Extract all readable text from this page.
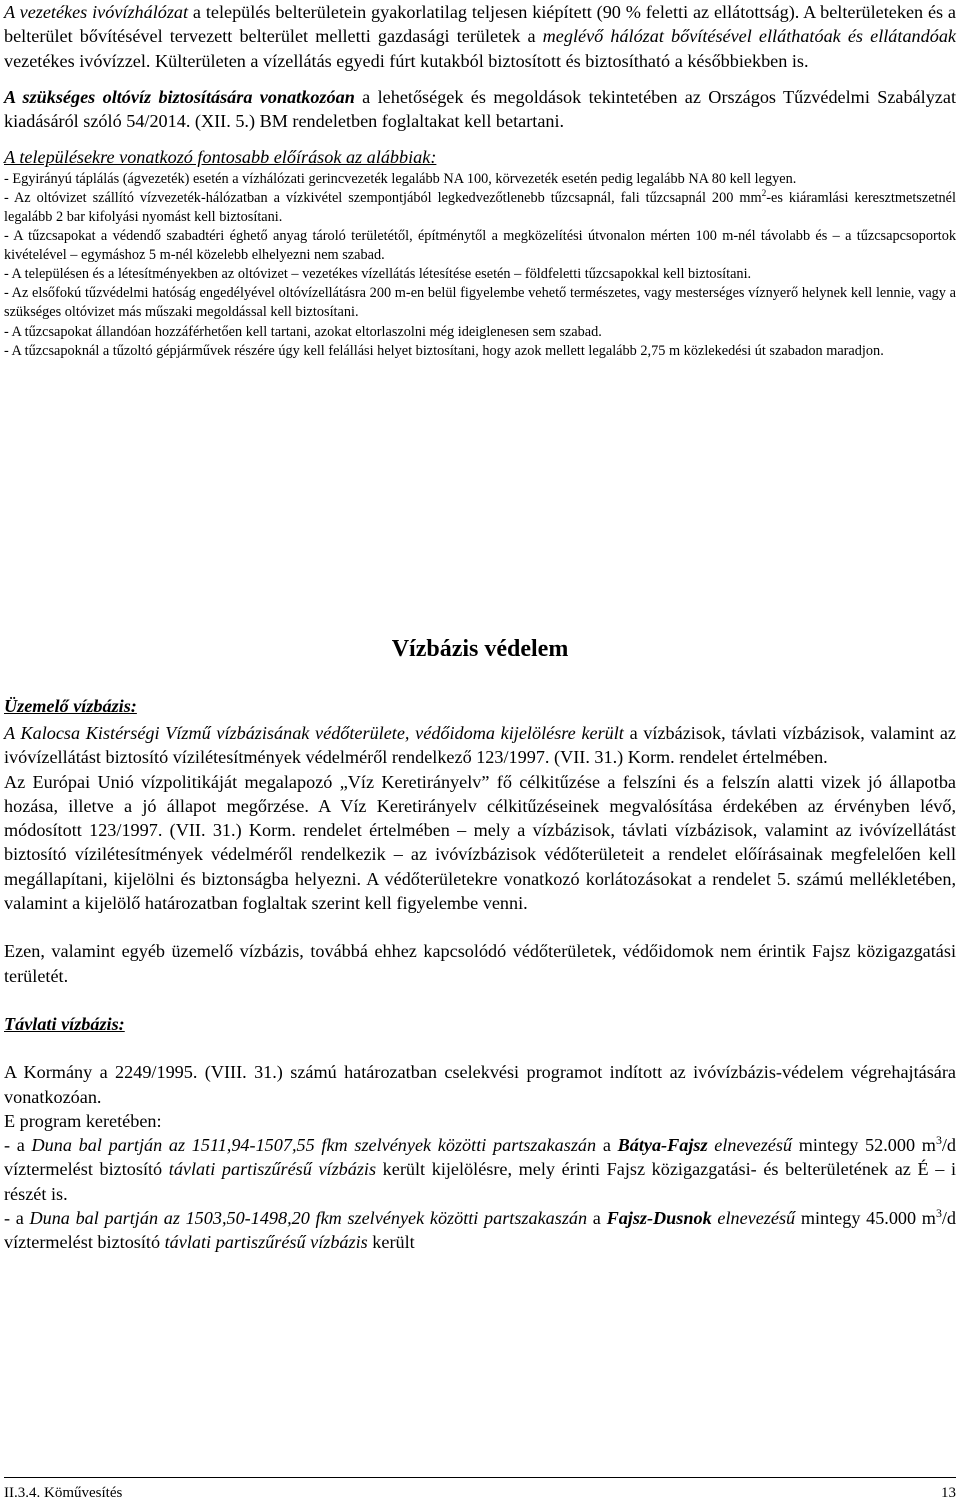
A vezetékes ivóvízhálózat a település belterületein gyakorlatilag teljesen kiépített (90 % feletti az ellátottság). A belterületeken és a belterület bővítésével tervezett belterület melletti gazdasági területek a meglévő hálózat bővítésével elláthatóak és ellátandóak vezetékes ivóvízzel. Külterületen a vízellátás egyedi fúrt kutakból biztosított és biztosítható a későbbiekben is.

A szükséges oltóvíz biztosítására vonatkozóan a lehetőségek és megoldások tekintetében az Országos Tűzvédelmi Szabályzat kiadásáról szóló 54/2014. (XII. 5.) BM rendeletben foglaltakat kell betartani.

A településekre vonatkozó fontosabb előírások az alábbiak:

- Egyirányú táplálás (ágvezeték) esetén a vízhálózati gerincvezeték legalább NA 100, körvezeték esetén pedig legalább NA 80 kell legyen.

- Az oltóvizet szállító vízvezeték-hálózatban a vízkivétel szempontjából legkedvezőtlenebb tűzcsapnál, fali tűzcsapnál 200 $mm^2-es$ kiáramlási keresztmetszetnél legalább 2 bar kifolyási nyomást kell biztosítani.

- A tűzcsapokat a védendő szabadtéri éghető anyag tároló területétől, építménytől a megközelítési útvonalon mérten 100 m-nél távolabb és – a tűzcsapcsoportok kivételével – egymáshoz 5 m-nél közelebb elhelyezni nem szabad.

- A településen és a létesítményekben az oltóvizet – vezetékes vízellátás létesítése esetén – földfeletti tűzcsapokkal kell biztosítani.

- Az elsőfokú tűzvédelmi hatóság engedélyével oltóvízellátásra 200 m-en belül figyelembe vehető természetes, vagy mesterséges víznyerő helynek kell lennie, vagy a szükséges oltóvizet más műszaki megoldással kell biztosítani.

- A tűzcsapokat állandóan hozzáférhetően kell tartani, azokat eltorlaszolni még ideiglenesen sem szabad.

- A tűzcsapoknál a tűzoltó gépjárművek részére úgy kell felállási helyet biztosítani, hogy azok mellett legalább 2,75 m közlekedési út szabadon maradjon.

Vízbázis védelem
Üzemelő vízbázis:

A Kalocsa Kistérségi Vízmű vízbázisának védőterülete, védőidoma kijelölésre került a vízbázisok, távlati vízbázisok, valamint az ivóvízellátást biztosító vízilétesítmények védelméről rendelkező 123/1997. (VII. 31.) Korm. rendelet értelmében.

Az Európai Unió vízpolitikáját megalapozó „Víz Keretirányelv” fő célkitűzése a felszíni és a felszín alatti vizek jó állapotba hozása, illetve a jó állapot megőrzése. A Víz Keretirányelv célkitűzéseinek megvalósítása érdekében az érvényben lévő, módosított 123/1997. (VII. 31.) Korm. rendelet értelmében – mely a vízbázisok, távlati vízbázisok, valamint az ivóvízellátást biztosító vízilétesítmények védelméről rendelkezik – az ivóvízbázisok védőterületeit a rendelet előírásainak megfelelően kell megállapítani, kijelölni és biztonságba helyezni. A védőterületekre vonatkozó korlátozásokat a rendelet 5. számú mellékletében, valamint a kijelölő határozatban foglaltak szerint kell figyelembe venni.

Ezen, valamint egyéb üzemelő vízbázis, továbbá ehhez kapcsolódó védőterületek, védőidomok nem érintik Fajsz közigazgatási területét.

Távlati vízbázis:

A Kormány a 2249/1995. (VIII. 31.) számú határozatban cselekvési programot indított az ivóvízbázis-védelem végrehajtására vonatkozóan.

E program keretében:

- a Duna bal partján az 1511,94-1507,55 fkm szelvények közötti partszakaszán a Bátya-Fajsz elnevezésű mintegy 52.000 $m^3/d$ víztermelést biztosító távlati partiszűrésű vízbázis került kijelölésre, mely érinti Fajsz közigazgatási- és belterületének az É – i részét is.

- a Duna bal partján az 1503,50-1498,20 fkm szelvények közötti partszakaszán a Fajsz-Dusnok elnevezésű mintegy 45.000 $m^3/d$ víztermelést biztosító távlati partiszűrésű vízbázis került

II.3.4. Köművesítés	13
